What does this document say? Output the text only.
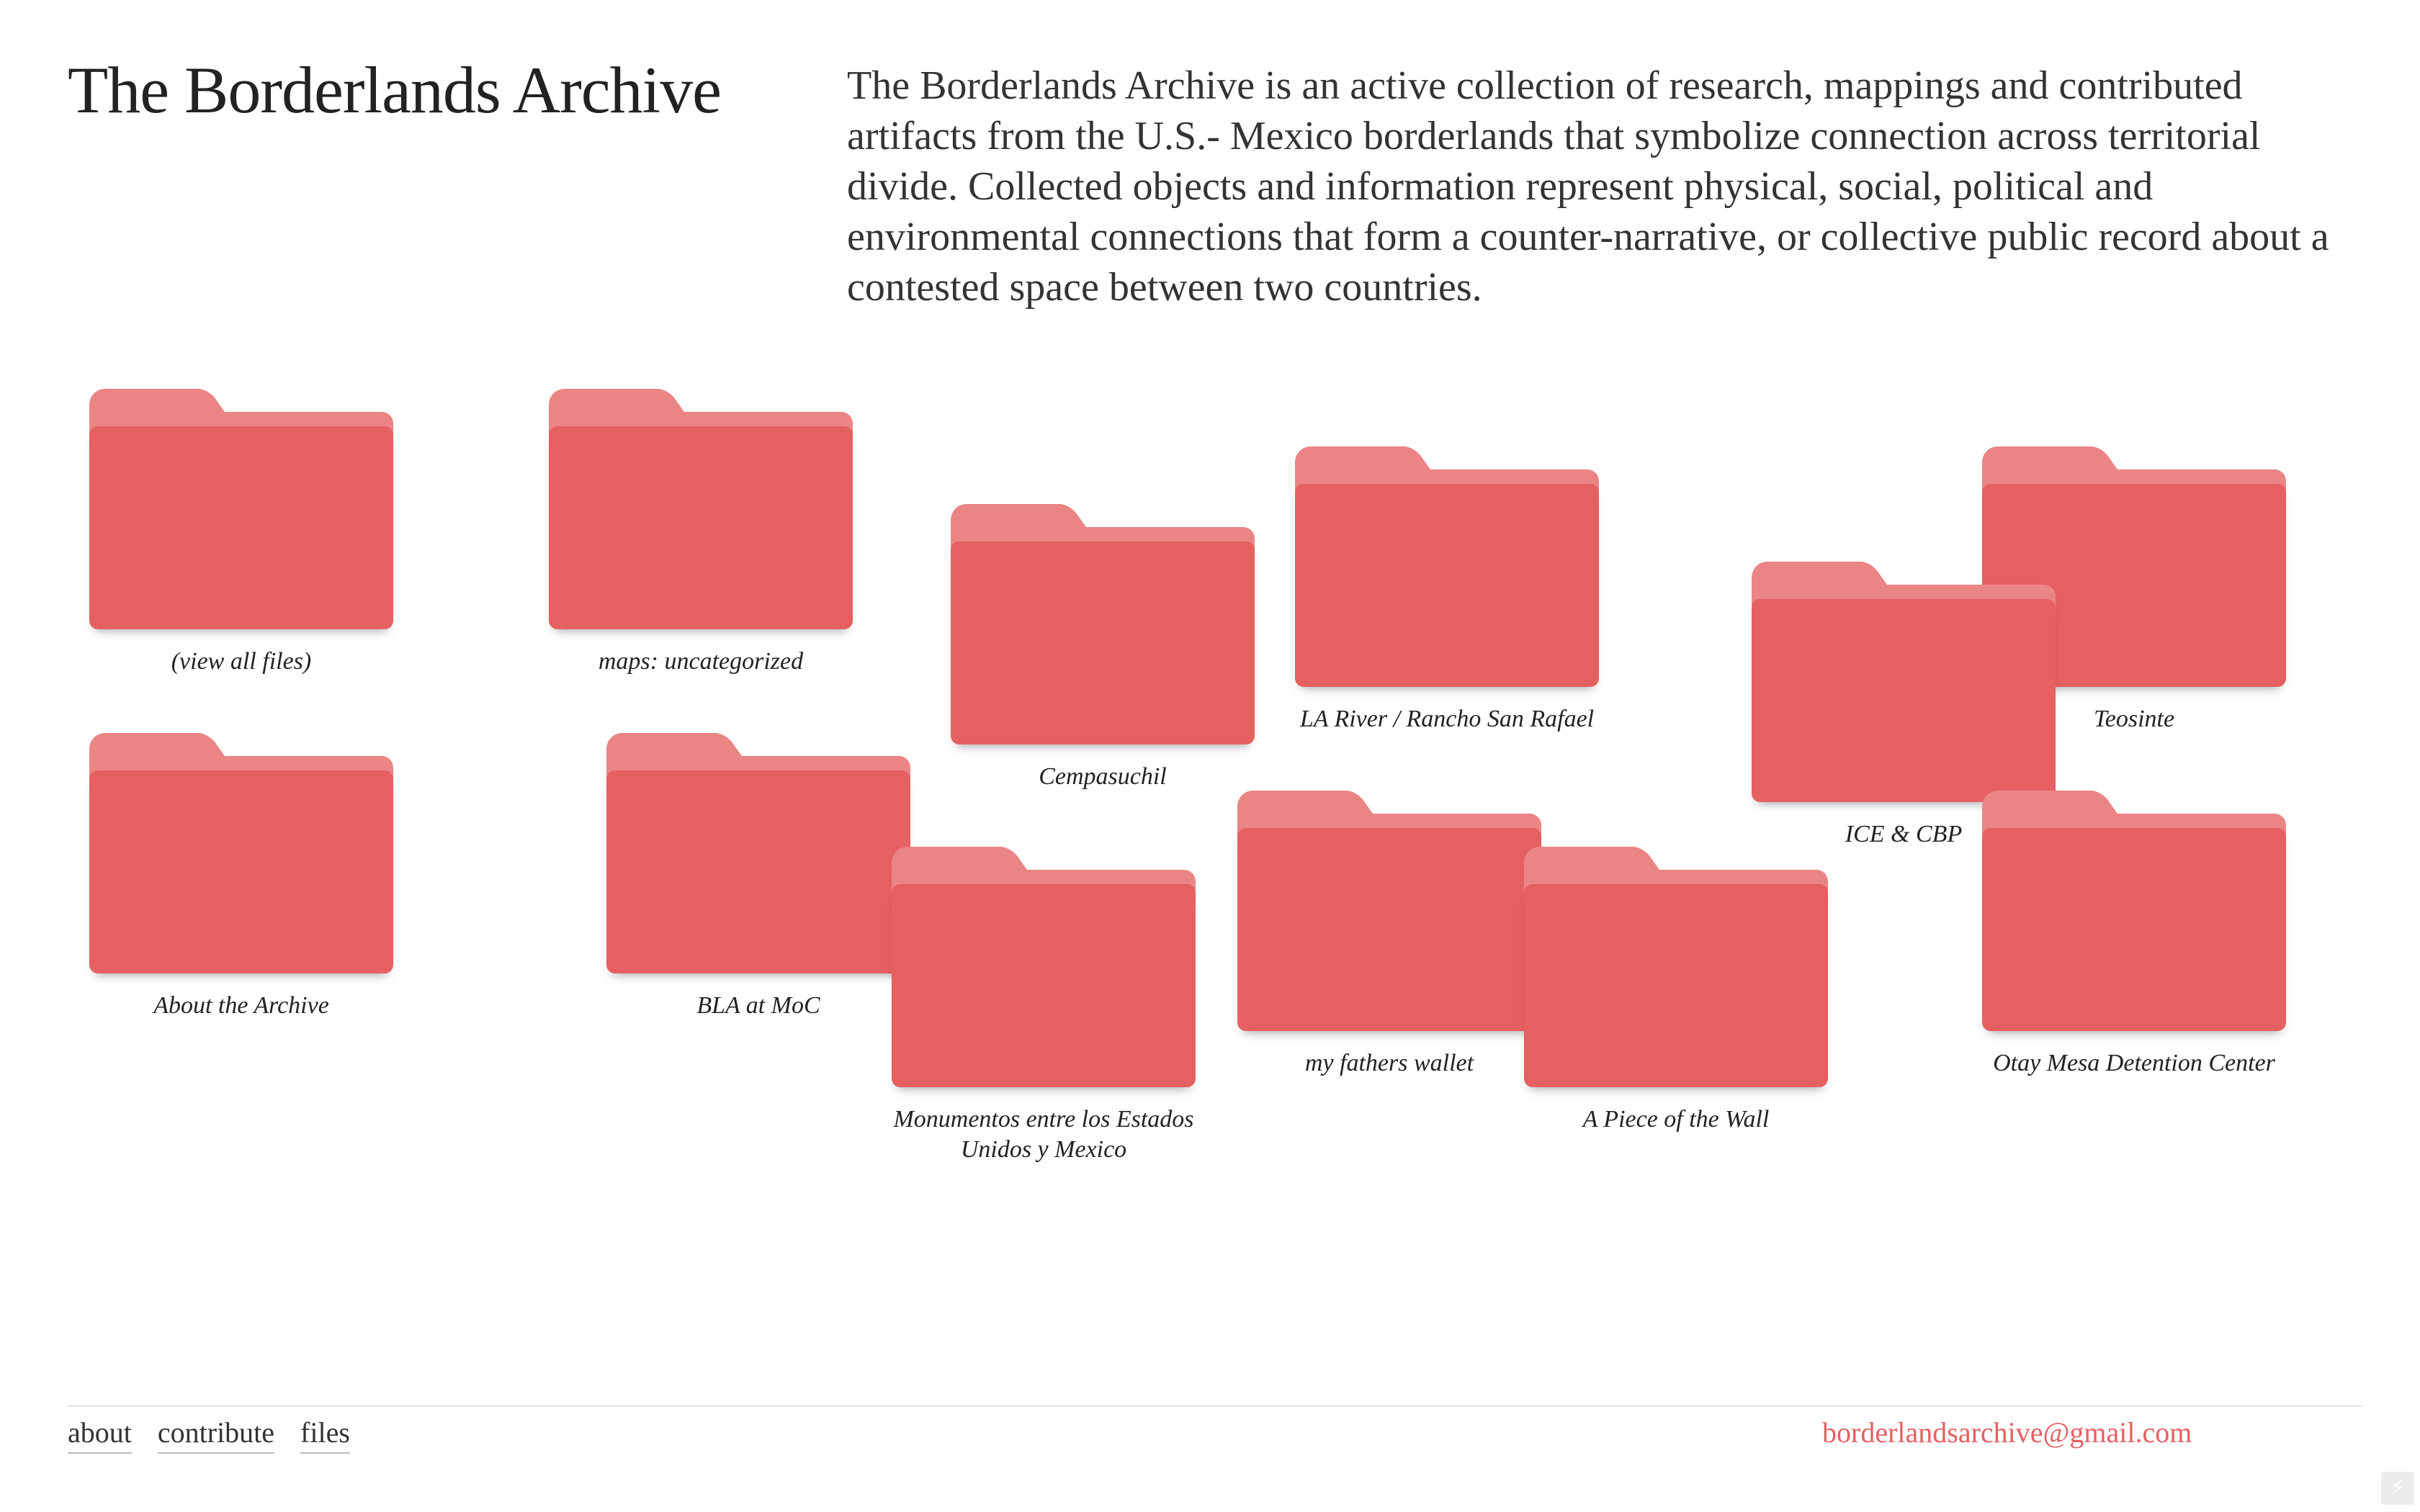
The Borderlands Archive	The Borderlands Archive is an active collection of research, mappings and contributed artifacts from the U.S.- Mexico borderlands that symbolize connection across territorial divide. Collected objects and information represent physical, social, political and environmental connections that form a counter-narrative, or collective public record about a contested space between two countries.

(view all files)	maps: uncategorized
Cempasuchil
LA River / Rancho San Rafael	Teosinte
ICE & CBP
About the Archive	BLA at MoC
Monumentos entre los Estados Unidos y Mexico
my fathers wallet
A Piece of the Wall
Otay Mesa Detention Center
about contribute files	borderlandsarchive@gmail.com
⚡
